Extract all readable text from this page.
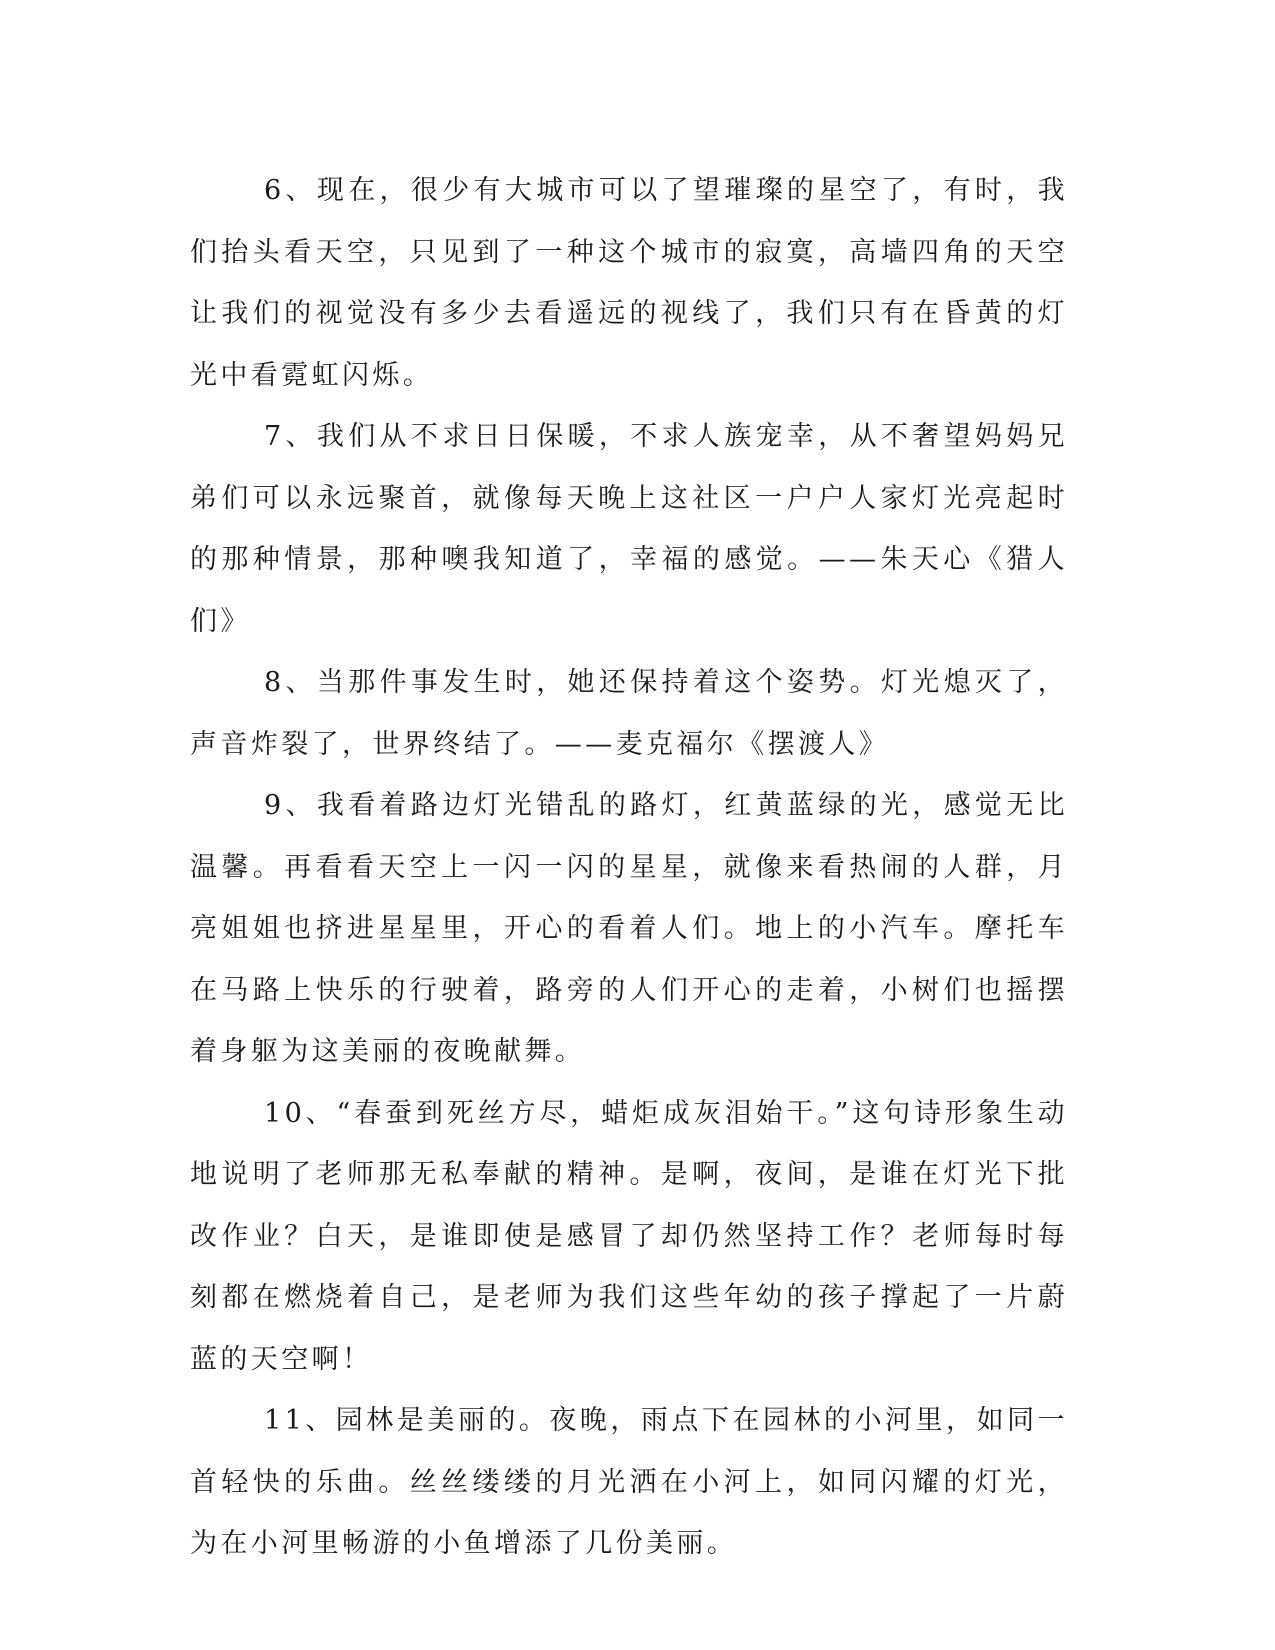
6、现在，很少有大城市可以了望璀璨的星空了，有时，我们抬头看天空，只见到了一种这个城市的寂寞，高墙四角的天空让我们的视觉没有多少去看遥远的视线了，我们只有在昏黄的灯光中看霓虹闪烁。

7、我们从不求日日保暖，不求人族宠幸，从不奢望妈妈兄弟们可以永远聚首，就像每天晚上这社区一户户人家灯光亮起时的那种情景，那种噢我知道了，幸福的感觉。——朱天心《猎人们》

8、当那件事发生时，她还保持着这个姿势。灯光熄灭了，声音炸裂了，世界终结了。——麦克福尔《摆渡人》

9、我看着路边灯光错乱的路灯，红黄蓝绿的光，感觉无比温馨。再看看天空上一闪一闪的星星，就像来看热闹的人群，月亮姐姐也挤进星星里，开心的看着人们。地上的小汽车。摩托车在马路上快乐的行驶着，路旁的人们开心的走着，小树们也摇摆着身躯为这美丽的夜晚献舞。

10、“春蚕到死丝方尽，蜡炬成灰泪始干。”这句诗形象生动地说明了老师那无私奉献的精神。是啊，夜间，是谁在灯光下批改作业？白天，是谁即使是感冒了却仍然坚持工作？老师每时每刻都在燃烧着自己，是老师为我们这些年幼的孩子撑起了一片蔚蓝的天空啊！

11、园林是美丽的。夜晚，雨点下在园林的小河里，如同一首轻快的乐曲。丝丝缕缕的月光洒在小河上，如同闪耀的灯光，为在小河里畅游的小鱼增添了几份美丽。
